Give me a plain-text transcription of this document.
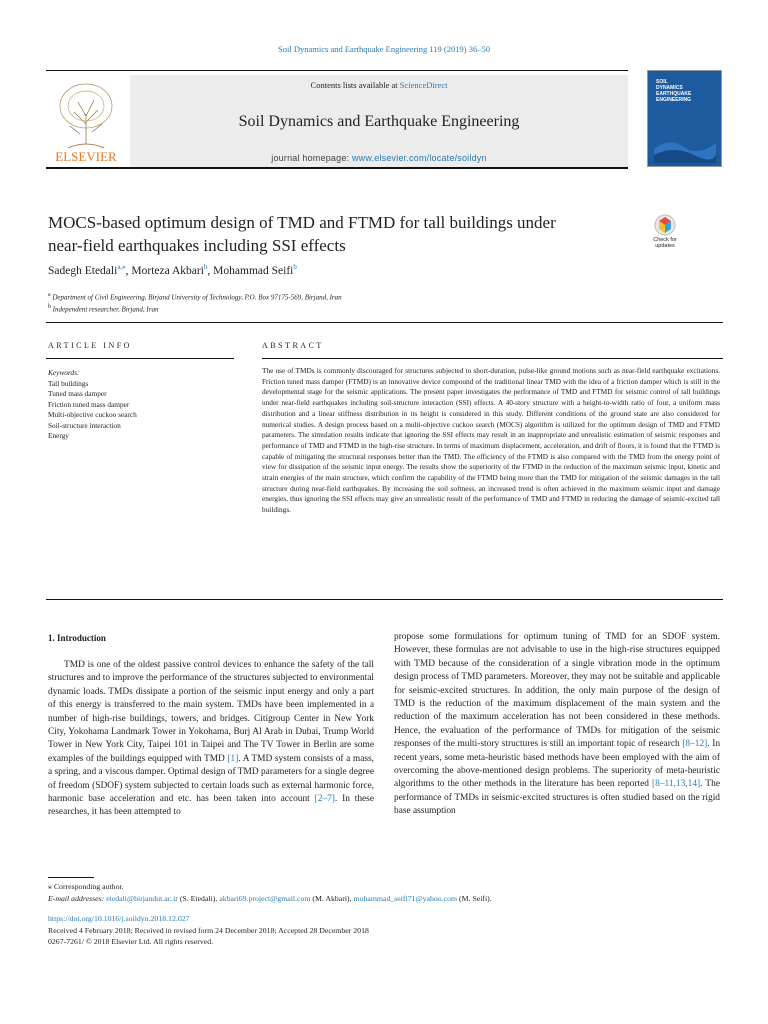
Soil Dynamics and Earthquake Engineering 119 (2019) 36–50
ELSEVIER
Contents lists available at ScienceDirect
Soil Dynamics and Earthquake Engineering
journal homepage: www.elsevier.com/locate/soildyn
SOIL
DYNAMICS
EARTHQUAKE
ENGINEERING
MOCS-based optimum design of TMD and FTMD for tall buildings under
near-field earthquakes including SSI effects	Check for updates
Sadegh Etedali$^{a,⁎}$, Morteza Akbari$^b$, Mohammad Seifi$^b$
$^a$ Department of Civil Engineering, Birjand University of Technology, P.O. Box 97175-569, Birjand, Iran
$^b$ Independent researcher, Birjand, Iran
ARTICLE INFO	ABSTRACT
Keywords:
Tall buildings
Tuned mass damper
Friction tuned mass damper
Multi-objective cuckoo search
Soil-structure interaction
Energy
The use of TMDs is commonly discouraged for structures subjected to short-duration, pulse-like ground motions such as near-field earthquake excitations. Friction tuned mass damper (FTMD) is an innovative device compound of the traditional linear TMD with the idea of a friction damper which is still in the developmental stage for the seismic applications. The present paper investigates the performance of TMD and FTMD for seismic control of tall buildings under near-field earthquakes including soil-structure interaction (SSI) effects. A 40-story structure with a height-to-width ratio of four, a uniform mass distribution and a linear stiffness distribution in its height is considered in this study. Different conditions of the ground state are also considered for numerical studies. A design process based on a multi-objective cuckoo search (MOCS) algorithm is utilized for the optimum design of TMD and FTMD parameters. The simulation results indicate that ignoring the SSI effects may result in an inappropriate and unrealistic estimation of seismic responses and performance of TMD and FTMD in the high-rise structure. In terms of maximum displacement, acceleration, and drift of floors, it is found that the FTMD is capable of mitigating the structural responses better than the TMD. The efficiency of the FTMD is also compared with the TMD from the energy point of view for dissipation of the seismic input energy. The results show the superiority of the FTMD in the reduction of the maximum seismic input, kinetic and strain energies of the main structure, which confirm the capability of the FTMD being more than the TMD for mitigation of the seismic damages in the tall structure during near-field earthquakes. By increasing the soil softness, an increased trend is often achieved in the maximum seismic input and damage energies, thus ignoring the SSI effects may give an unrealistic result of the performance of TMD and FTMD in reducing the damage of seismic-excited tall buildings.
1. Introduction

TMD is one of the oldest passive control devices to enhance the safety of the tall structures and to improve the performance of the structures subjected to environmental dynamic loads. TMDs dissipate a portion of the seismic input energy and only a part of this energy is transferred to the main system. TMDs have been implemented in a number of high-rise buildings, towers, and bridges. Citigroup Center in New York City, Yokohama Landmark Tower in Yokohama, Burj Al Arab in Dubai, Trump World Tower in New York City, Taipei 101 in Taipei and The TV Tower in Berlin are some examples of the buildings equipped with TMD [1]. A TMD system consists of a mass, a spring, and a viscous damper. Optimal design of TMD parameters for a single degree of freedom (SDOF) system subjected to certain loads such as external harmonic force, harmonic base acceleration and etc. has been taken into account [2–7]. In these researches, it has been attempted to

propose some formulations for optimum tuning of TMD for an SDOF system. However, these formulas are not advisable to use in the high-rise structures equipped with TMD because of the consideration of a single vibration mode in the optimum design process of TMD parameters. Moreover, they may not be suitable and applicable for seismic-excited structures. In addition, the only main purpose of the design of TMD is the reduction of the maximum displacement of the main system and the reduction of the maximum acceleration has not been considered in these methods. Hence, the evaluation of the performance of TMDs for mitigation of the seismic responses of the multi-story structures is still an important topic of research [8–12]. In recent years, some meta-heuristic based methods have been employed with the aim of overcoming the above-mentioned design problems. The superiority of meta-heuristic algorithms to the other methods in the literature has been reported [8–11,13,14]. The performance of TMDs in seismic-excited structures is often studied based on the rigid base assumption

⁎ Corresponding author.
E-mail addresses: etedali@birjandut.ac.ir (S. Etedali), akbari69.project@gmail.com (M. Akbari), mohammad_seifi71@yahoo.com (M. Seifi).
https://doi.org/10.1016/j.soildyn.2018.12.027
Received 4 February 2018; Received in revised form 24 December 2018; Accepted 28 December 2018
0267-7261/ © 2018 Elsevier Ltd. All rights reserved.
